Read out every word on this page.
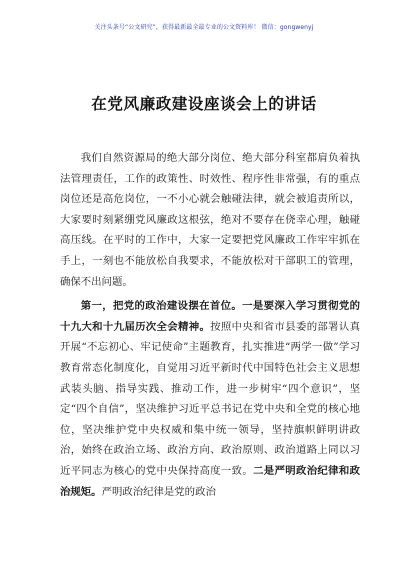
关注头条号“公文研究”，获得最新最全最专业的公文资料库！ 微信：gongwenyj
在党风廉政建设座谈会上的讲话

我们自然资源局的绝大部分岗位、绝大部分科室都肩负着执法管理责任，工作的政策性、时效性、程序性非常强，有的重点岗位还是高危岗位，一不小心就会触碰法律，就会被追责所以，大家要时刻紧绷党风廉政这根弦，绝对不要存在侥幸心理，触碰高压线。在平时的工作中，大家一定要把党风廉政工作牢牢抓在手上，一刻也不能放松自我要求，不能放松对干部职工的管理，确保不出问题。

第一，把党的政治建设摆在首位。一是要深入学习贯彻党的十九大和十九届历次全会精神。按照中央和省市县委的部署认真开展“不忘初心、牢记使命”主题教育，扎实推进“两学一做”学习教育常态化制度化，自觉用习近平新时代中国特色社会主义思想武装头脑、指导实践、推动工作，进一步树牢“四个意识”，坚定“四个自信”，坚决维护习近平总书记在党中央和全党的核心地位，坚决维护党中央权威和集中统一领导，坚持旗帜鲜明讲政治，始终在政治立场、政治方向、政治原则、政治道路上同以习近平同志为核心的党中央保持高度一致。二是严明政治纪律和政治规矩。严明政治纪律是党的政治
